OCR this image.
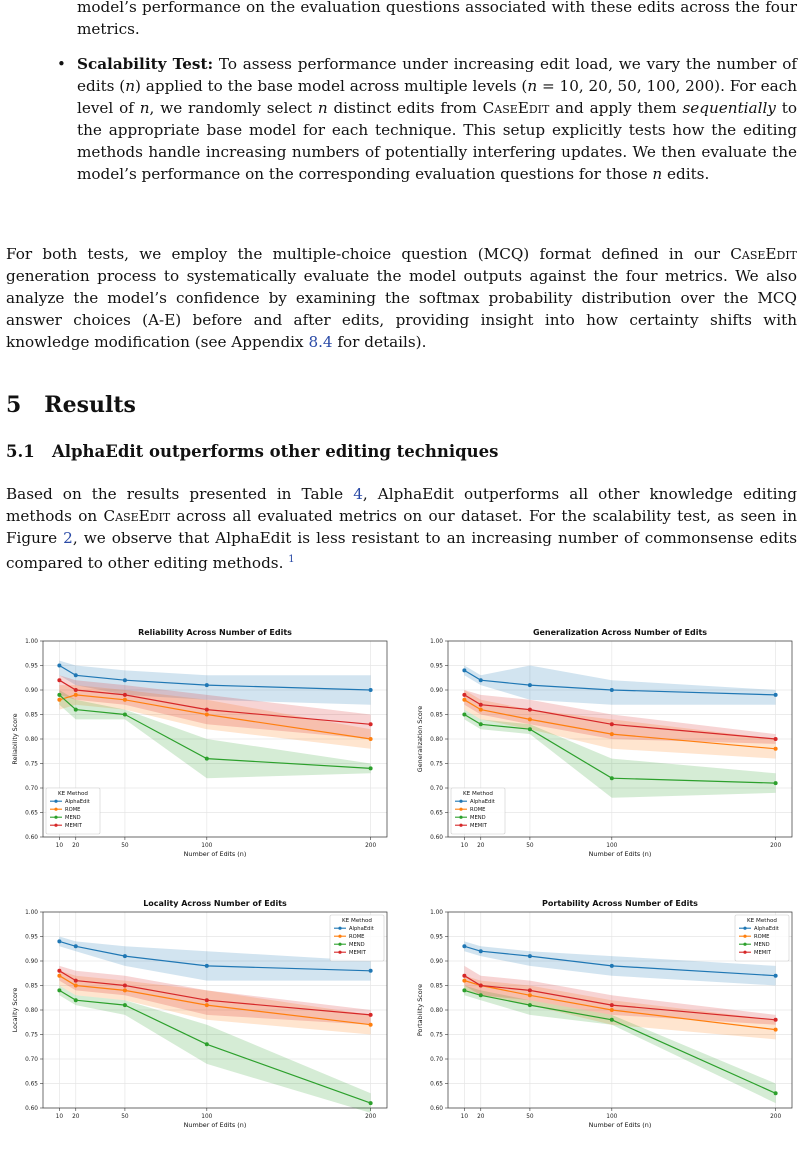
model’s performance on the evaluation questions associated with these edits across the four metrics.
• Scalability Test: To assess performance under increasing edit load, we vary the number of edits (n) applied to the base model across multiple levels (n = 10, 20, 50, 100, 200). For each level of n, we randomly select n distinct edits from CaseEdit and apply them sequentially to the appropriate base model for each technique. This setup explicitly tests how the editing methods handle increasing numbers of potentially interfering updates. We then evaluate the model’s performance on the corresponding evaluation questions for those n edits.
For both tests, we employ the multiple-choice question (MCQ) format defined in our CaseEdit generation process to systematically evaluate the model outputs against the four metrics. We also analyze the model’s confidence by examining the softmax probability distribution over the MCQ answer choices (A-E) before and after edits, providing insight into how certainty shifts with knowledge modification (see Appendix 8.4 for details).
5 Results
5.1 AlphaEdit outperforms other editing techniques
Based on the results presented in Table 4, AlphaEdit outperforms all other knowledge editing methods on CaseEdit across all evaluated metrics on our dataset. For the scalability test, as seen in Figure 2, we observe that AlphaEdit is less resistant to an increasing number of commonsense edits compared to other editing methods. $^1$
Reliability Across Number of Edits
0.60
0.65
0.70
0.75
0.80
0.85
0.90
0.95
1.00
10 20	50	100	200
Number of Edits (n)
Reliability Score
KE Method
AlphaEdit
ROME
MEND
MEMIT
Generalization Across Number of Edits
0.60
0.65
0.70
0.75
0.80
0.85
0.90
0.95
1.00
10 20	50	100	200
Number of Edits (n)
Generalization Score
KE Method
AlphaEdit
ROME
MEND
MEMIT
Locality Across Number of Edits
0.60
0.65
0.70
0.75
0.80
0.85
0.90
0.95
1.00
10 20	50	100	200
Number of Edits (n)
Locality Score
KE Method
AlphaEdit
ROME
MEND
MEMIT
Portability Across Number of Edits
0.60
0.65
0.70
0.75
0.80
0.85
0.90
0.95
1.00
10 20	50	100	200
Number of Edits (n)
Portability Score
KE Method
AlphaEdit
ROME
MEND
MEMIT
